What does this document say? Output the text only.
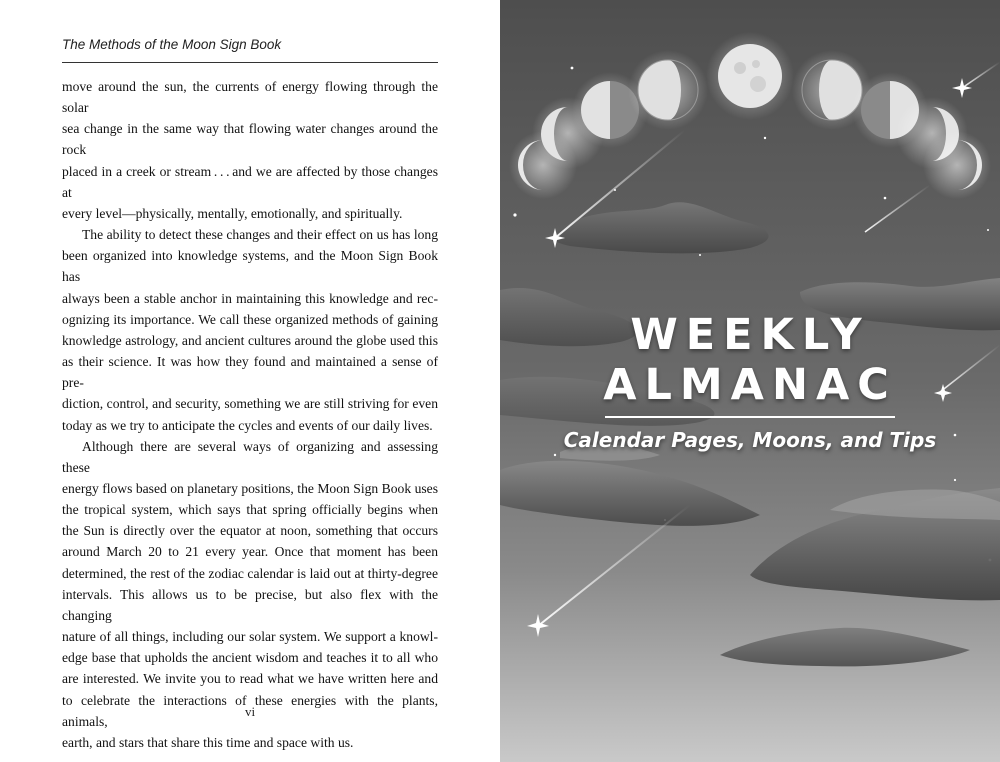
The Methods of the Moon Sign Book
move around the sun, the currents of energy flowing through the solar
sea change in the same way that flowing water changes around the rock
placed in a creek or stream . . . and we are affected by those changes at
every level—physically, mentally, emotionally, and spiritually.
The ability to detect these changes and their effect on us has long
been organized into knowledge systems, and the Moon Sign Book has
always been a stable anchor in maintaining this knowledge and rec-
ognizing its importance. We call these organized methods of gaining
knowledge astrology, and ancient cultures around the globe used this
as their science. It was how they found and maintained a sense of pre-
diction, control, and security, something we are still striving for even
today as we try to anticipate the cycles and events of our daily lives.
Although there are several ways of organizing and assessing these
energy flows based on planetary positions, the Moon Sign Book uses
the tropical system, which says that spring officially begins when
the Sun is directly over the equator at noon, something that occurs
around March 20 to 21 every year. Once that moment has been
determined, the rest of the zodiac calendar is laid out at thirty-degree
intervals. This allows us to be precise, but also flex with the changing
nature of all things, including our solar system. We support a knowl-
edge base that upholds the ancient wisdom and teaches it to all who
are interested. We invite you to read what we have written here and
to celebrate the interactions of these energies with the plants, animals,
earth, and stars that share this time and space with us.
vi
WEEKLY
ALMANAC
Calendar Pages, Moons, and Tips
